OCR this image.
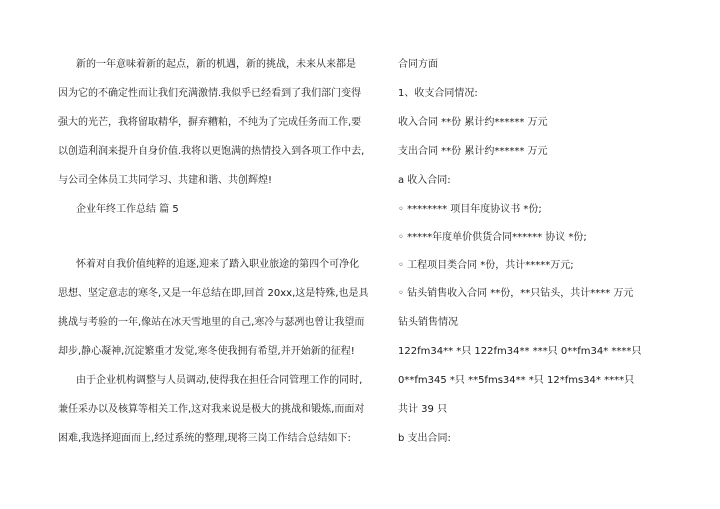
新的一年意味着新的起点，新的机遇，新的挑战，未来从来都是
因为它的不确定性而让我们充满激情.我似乎已经看到了我们部门变得
强大的光芒，我将留取精华，摒弃糟粕，不纯为了完成任务而工作,要
以创造利润来提升自身价值.我将以更饱满的热情投入到各项工作中去,
与公司全体员工共同学习、共建和谐、共创辉煌!
企业年终工作总结 篇 5
怀着对自我价值纯粹的追逐,迎来了踏入职业旅途的第四个可净化
思想、坚定意志的寒冬,又是一年总结在即,回首 20xx,这是特殊,也是具
挑战与考验的一年,像站在冰天雪地里的自己,寒冷与瑟冽也曾让我望而
却步,静心凝神,沉淀繁重才发觉,寒冬使我拥有希望,并开始新的征程!
由于企业机构调整与人员调动,使得我在担任合同管理工作的同时,
兼任采办以及核算等相关工作,这对我来说是极大的挑战和锻炼,而面对
困难,我选择迎面而上,经过系统的整理,现将三岗工作结合总结如下:
合同方面
1、收支合同情况:
收入合同 **份 累计约****** 万元
支出合同 **份 累计约****** 万元
a 收入合同:
◦ ******** 项目年度协议书 *份;
◦ *****年度单价供货合同****** 协议 *份;
◦ 工程项目类合同 *份，共计*****万元;
◦ 钻头销售收入合同 **份，**只钻头，共计**** 万元
钻头销售情况
122fm34** *只 122fm34** ***只 0**fm34* ****只
0**fm345 *只 **5fms34** *只 12*fms34* ****只
共计 39 只
b 支出合同:
